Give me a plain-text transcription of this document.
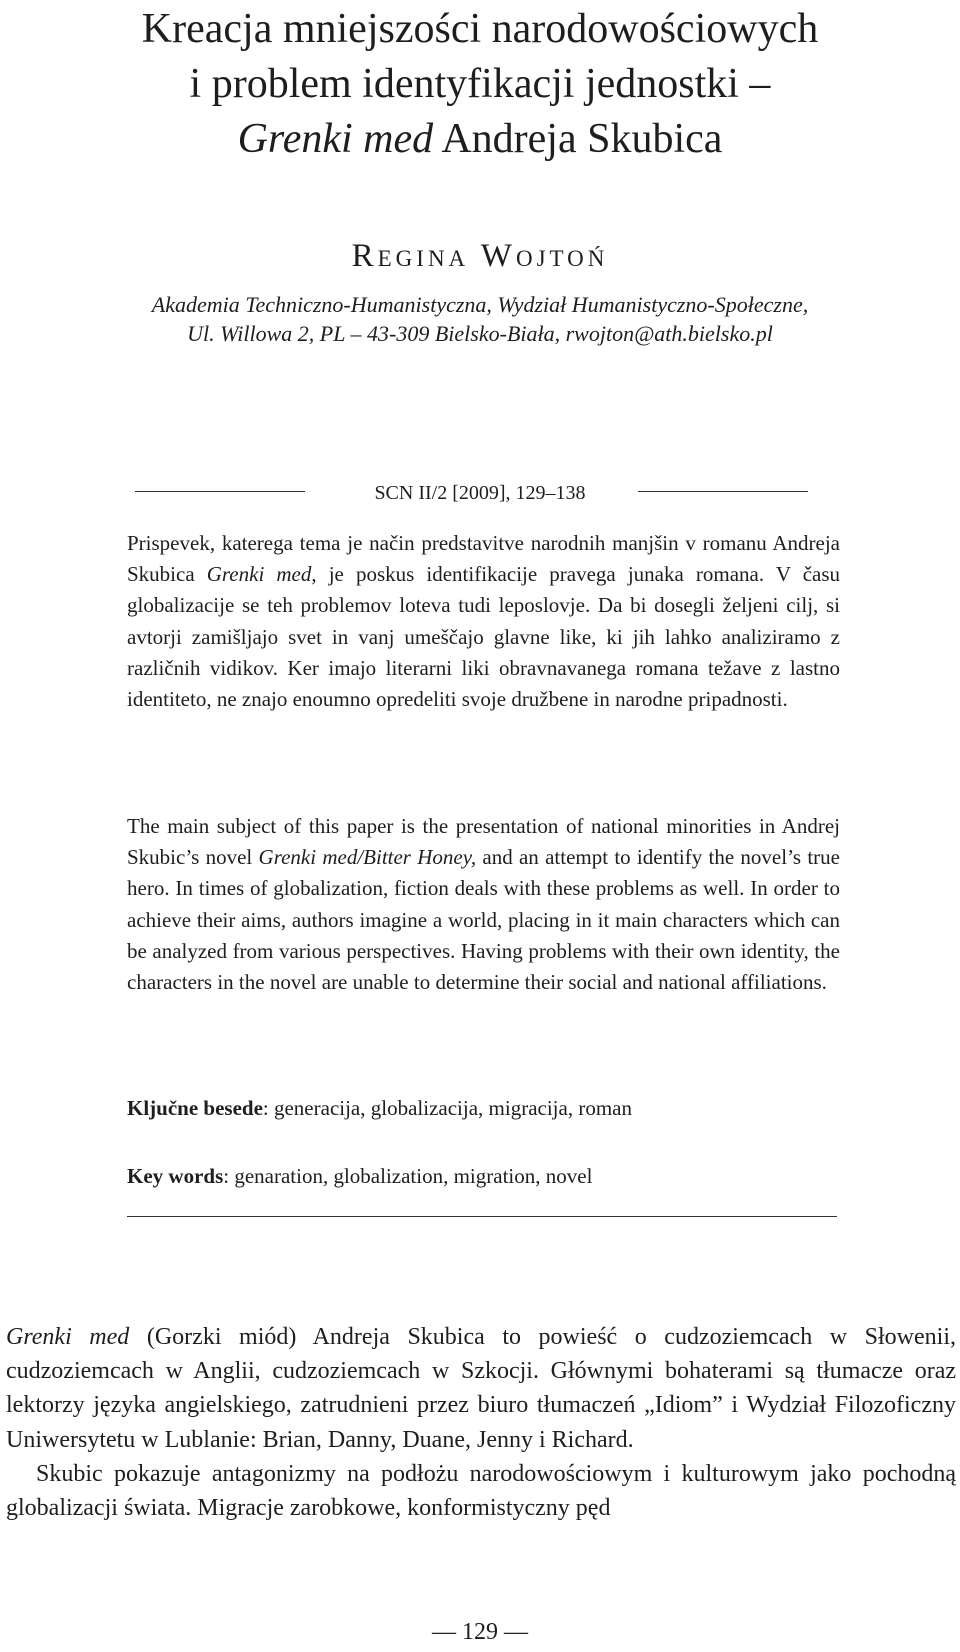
Kreacja mniejszości narodowościowych
i problem identyfikacji jednostki –
Grenki med Andreja Skubica
Regina Wojtoń
Akademia Techniczno-Humanistyczna, Wydział Humanistyczno-Społeczne,
Ul. Willowa 2, PL – 43-309 Bielsko-Biała, rwojton@ath.bielsko.pl
SCN II/2 [2009], 129–138
Prispevek, katerega tema je način predstavitve narodnih manjšin v romanu Andreja Skubica Grenki med, je poskus identifikacije pravega junaka romana. V času globalizacije se teh problemov loteva tudi leposlovje. Da bi dosegli željeni cilj, si avtorji zamišljajo svet in vanj umeščajo glavne like, ki jih lahko analiziramo z različnih vidikov. Ker imajo literarni liki obravnavanega romana težave z lastno identiteto, ne znajo enoumno opredeliti svoje družbene in narodne pripadnosti.
The main subject of this paper is the presentation of national minorities in Andrej Skubic’s novel Grenki med/Bitter Honey, and an attempt to identify the novel’s true hero. In times of globalization, fiction deals with these problems as well. In order to achieve their aims, authors imagine a world, placing in it main characters which can be analyzed from various perspectives. Having problems with their own identity, the characters in the novel are unable to determine their social and national affiliations.
Ključne besede: generacija, globalizacija, migracija, roman
Key words: genaration, globalization, migration, novel

Grenki med (Gorzki miód) Andreja Skubica to powieść o cudzoziemcach w Słowenii, cudzoziemcach w Anglii, cudzoziemcach w Szkocji. Głównymi bohaterami są tłumacze oraz lektorzy języka angielskiego, zatrudnieni przez biuro tłumaczeń „Idiom” i Wydział Filozoficzny Uniwersytetu w Lublanie: Brian, Danny, Duane, Jenny i Richard.

Skubic pokazuje antagonizmy na podłożu narodowościowym i kulturowym jako pochodną globalizacji świata. Migracje zarobkowe, konformistyczny pęd

— 129 —
